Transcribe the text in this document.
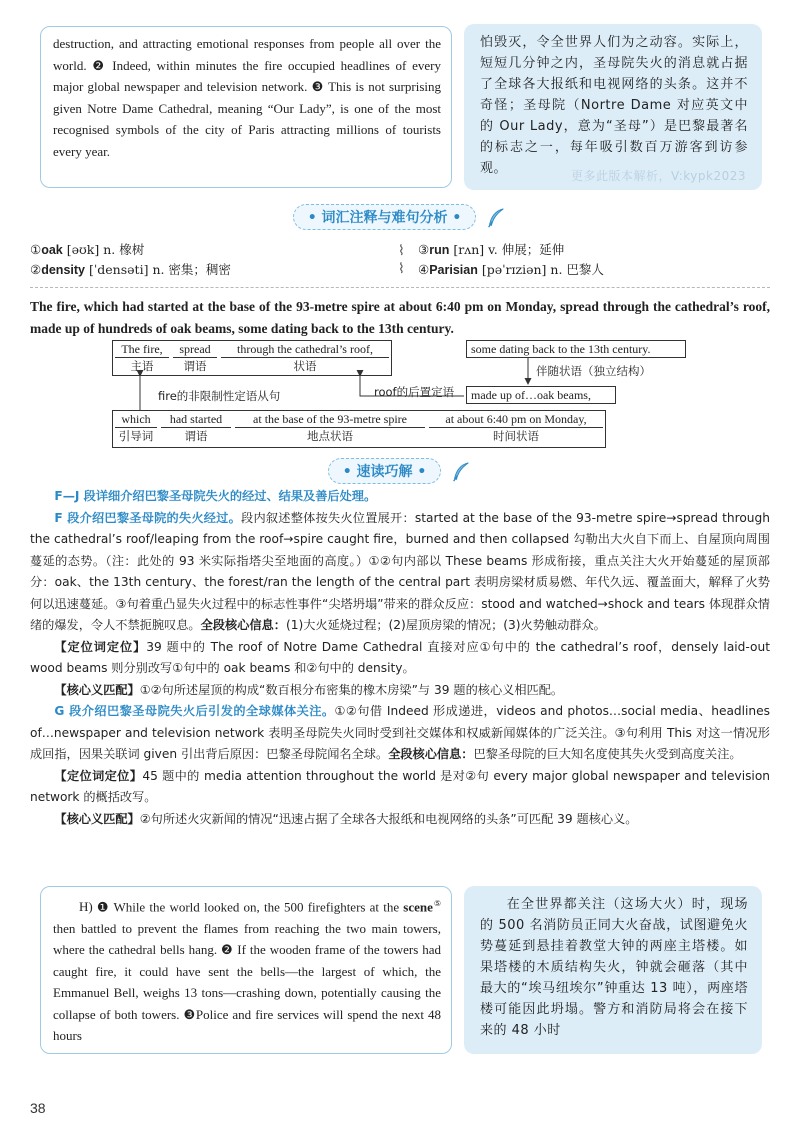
destruction, and attracting emotional responses from people all over the world. ❷ Indeed, within minutes the fire occupied headlines of every major global newspaper and television network. ❸ This is not surprising given Notre Dame Cathedral, meaning “Our Lady”, is one of the most recognised symbols of the city of Paris attracting millions of tourists every year.
怕毁灭，令全世界人们为之动容。实际上，短短几分钟之内，圣母院失火的消息就占据了全球各大报纸和电视网络的头条。这并不奇怪；圣母院（Nortre Dame 对应英文中的 Our Lady，意为“圣母”）是巴黎最著名的标志之一，每年吸引数百万游客到访参观。	更多此版本解析，V:kypk2023
• 词汇注释与难句分析 •
①oak [əʊk] n. 橡树
②density [ˈdensəti] n. 密集；稠密
⌇
⌇
③run [rʌn] v. 伸展；延伸
④Parisian [pəˈrɪziən] n. 巴黎人
The fire, which had started at the base of the 93-metre spire at about 6:40 pm on Monday, spread through the cathedral’s roof, made up of hundreds of oak beams, some dating back to the 13th century.
The fire,
主语
spread
谓语
through the cathedral’s roof,
状语
some dating back to the 13th century.
伴随状语（独立结构）
fire的非限制性定语从句	roof的后置定语	made up of…oak beams,
which
引导词
had started
谓语
at the base of the 93-metre spire
地点状语
at about 6:40 pm on Monday,
时间状语
• 速读巧解 •

F—J 段详细介绍巴黎圣母院失火的经过、结果及善后处理。

F 段介绍巴黎圣母院的失火经过。段内叙述整体按失火位置展开：started at the base of the 93-metre spire→spread through the cathedral’s roof/leaping from the roof→spire caught fire，burned and then collapsed 勾勒出大火自下而上、自屋顶向周围蔓延的态势。（注：此处的 93 米实际指塔尖至地面的高度。）①②句内部以 These beams 形成衔接，重点关注大火开始蔓延的屋顶部分：oak、the 13th century、the forest/ran the length of the central part 表明房梁材质易燃、年代久远、覆盖面大，解释了火势何以迅速蔓延。③句着重凸显失火过程中的标志性事件“尖塔坍塌”带来的群众反应：stood and watched→shock and tears 体现群众情绪的爆发，令人不禁扼腕叹息。全段核心信息：(1)大火延烧过程；(2)屋顶房梁的情况；(3)火势触动群众。

【定位词定位】39 题中的 The roof of Notre Dame Cathedral 直接对应①句中的 the cathedral’s roof，densely laid-out wood beams 则分别改写①句中的 oak beams 和②句中的 density。

【核心义匹配】①②句所述屋顶的构成“数百根分布密集的橡木房梁”与 39 题的核心义相匹配。

G 段介绍巴黎圣母院失火后引发的全球媒体关注。①②句借 Indeed 形成递进，videos and photos…social media、headlines of…newspaper and television network 表明圣母院失火同时受到社交媒体和权威新闻媒体的广泛关注。③句利用 This 对这一情况形成回指，因果关联词 given 引出背后原因：巴黎圣母院闻名全球。全段核心信息：巴黎圣母院的巨大知名度使其失火受到高度关注。

【定位词定位】45 题中的 media attention throughout the world 是对②句 every major global newspaper and television network 的概括改写。

【核心义匹配】②句所述火灾新闻的情况“迅速占据了全球各大报纸和电视网络的头条”可匹配 39 题核心义。

H) ❶ While the world looked on, the 500 firefighters at the scene⑤ then battled to prevent the flames from reaching the two main towers, where the cathedral bells hang. ❷ If the wooden frame of the towers had caught fire, it could have sent the bells—the largest of which, the Emmanuel Bell, weighs 13 tons—crashing down, potentially causing the collapse of both towers. ❸Police and fire services will spend the next 48 hours
在全世界都关注（这场大火）时，现场的 500 名消防员正同大火奋战，试图避免火势蔓延到悬挂着教堂大钟的两座主塔楼。如果塔楼的木质结构失火，钟就会砸落（其中最大的“埃马纽埃尔”钟重达 13 吨），两座塔楼可能因此坍塌。警方和消防局将会在接下来的 48 小时
38
